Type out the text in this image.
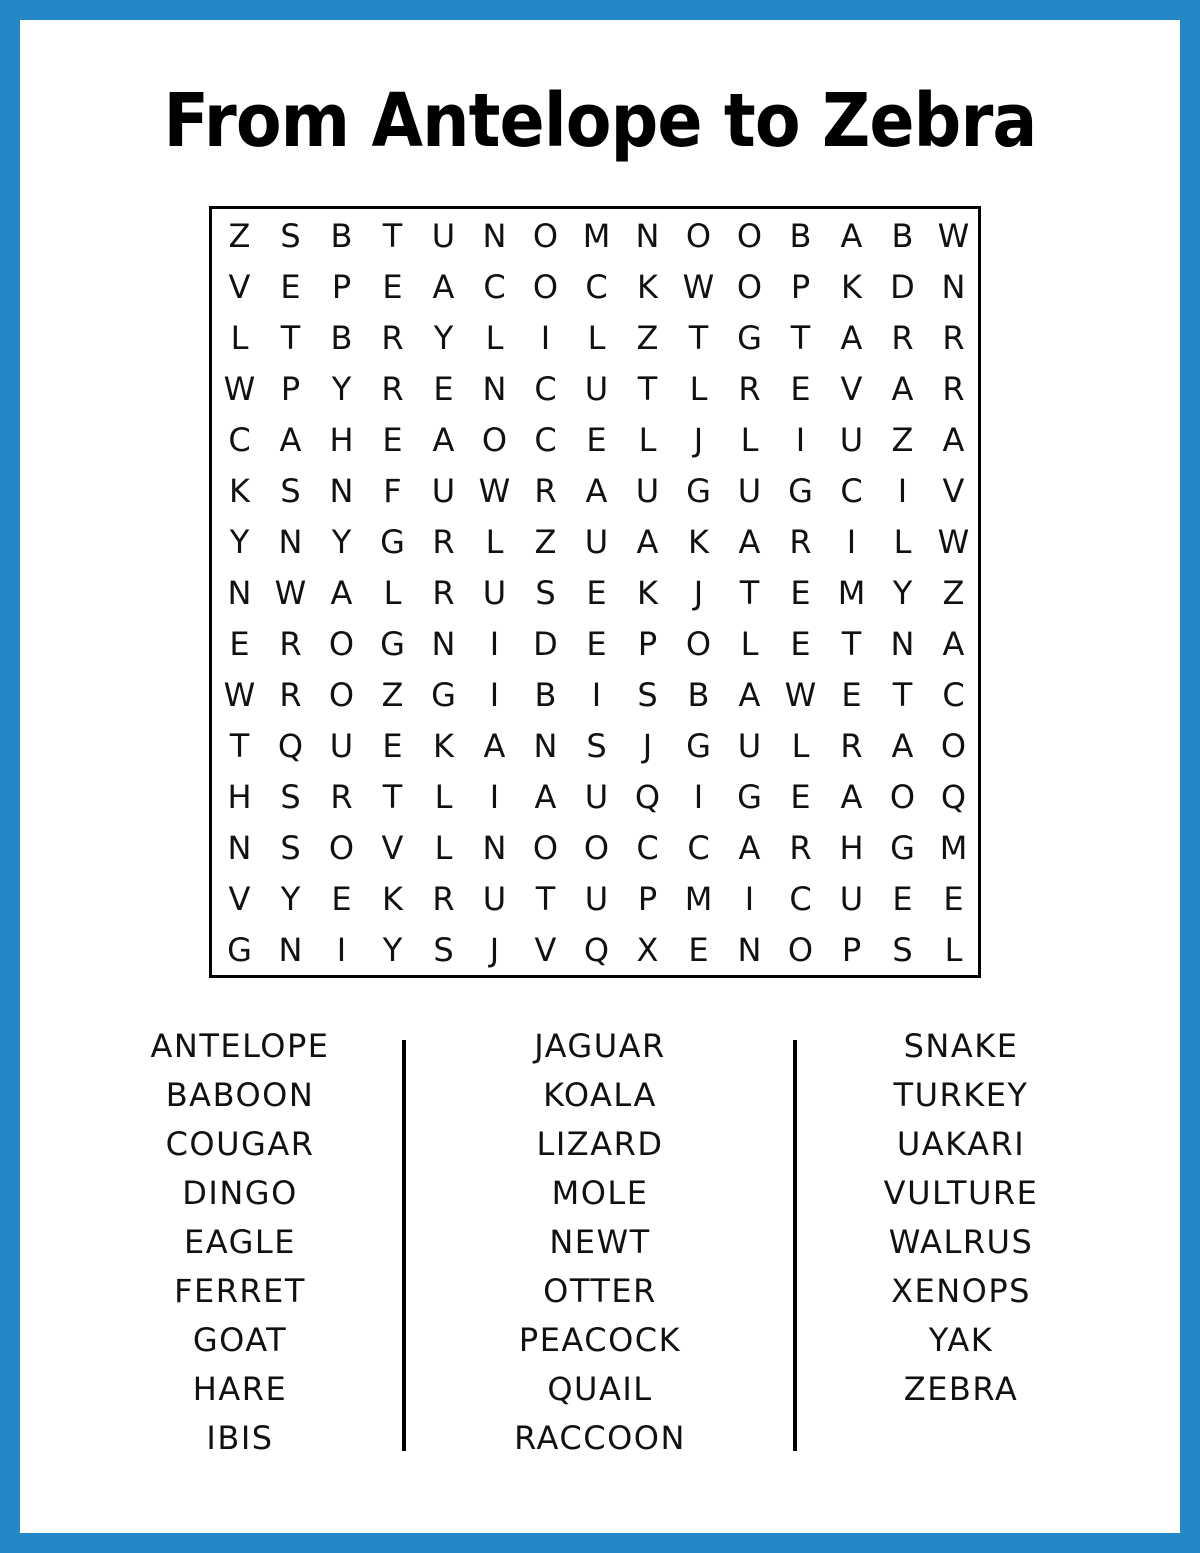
From Antelope to Zebra
Z S B T U N O M N O O B A B W
V E P E A C O C K W O P K D N
L	T B R Y	L	I	L Z T G T A R R
W P Y R E N C U T	L R E V A R
C A H E A O C E L	J	L	I	U Z A
K S N F U W R A U G U G C	I	V
Y N Y G R L Z U A K A R	I	L W
N W A L R U S E K	J	T E M Y Z
E R O G N	I	D E P O L E T N A
W R O Z G	I	B	I	S B A W E T C
T Q U E K A N S	J	G U L R A O
H S R T	L	I	A U Q	I	G E A O Q
N S O V L N O O C C A R H G M
V Y E K R U T U P M	I	C U E E
G N	I	Y S	J	V Q X E N O P S L
ANTELOPE
BABOON
COUGAR
DINGO
EAGLE
FERRET
GOAT
HARE
IBIS
JAGUAR
KOALA
LIZARD
MOLE
NEWT
OTTER
PEACOCK
QUAIL
RACCOON
SNAKE
TURKEY
UAKARI
VULTURE
WALRUS
XENOPS
YAK
ZEBRA
